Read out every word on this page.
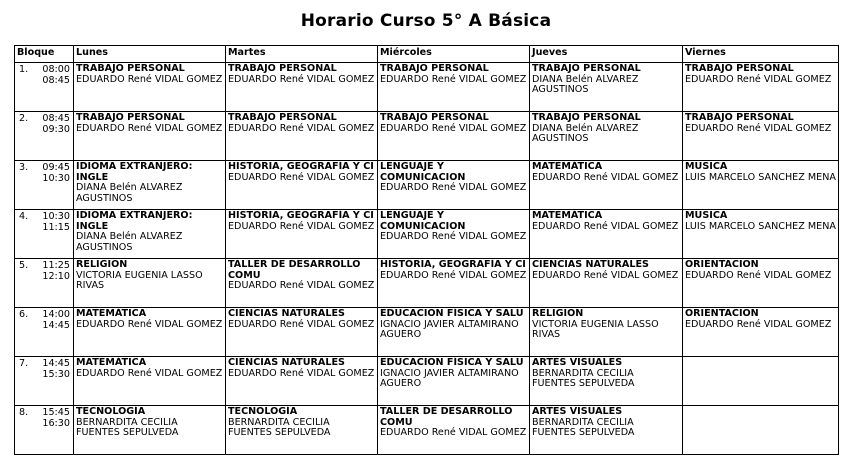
Horario Curso 5° A Básica
Bloque	Lunes	Martes	Miércoles	Jueves	Viernes

1. 08:00
08:45	TRABAJO PERSONAL
EDUARDO René VIDAL GOMEZ	TRABAJO PERSONAL
EDUARDO René VIDAL GOMEZ	TRABAJO PERSONAL
EDUARDO René VIDAL GOMEZ	TRABAJO PERSONAL
DIANA Belén ALVAREZ AGUSTINOS	TRABAJO PERSONAL
EDUARDO René VIDAL GOMEZ

2. 08:45
09:30	TRABAJO PERSONAL
EDUARDO René VIDAL GOMEZ	TRABAJO PERSONAL
EDUARDO René VIDAL GOMEZ	TRABAJO PERSONAL
EDUARDO René VIDAL GOMEZ	TRABAJO PERSONAL
DIANA Belén ALVAREZ AGUSTINOS	TRABAJO PERSONAL
EDUARDO René VIDAL GOMEZ

3. 09:45
10:30	IDIOMA EXTRANJERO: INGLE
DIANA Belén ALVAREZ AGUSTINOS	HISTORIA, GEOGRAFÍA Y CI
EDUARDO René VIDAL GOMEZ	LENGUAJE Y COMUNICACION
EDUARDO René VIDAL GOMEZ	MATEMÁTICA
EDUARDO René VIDAL GOMEZ	MÚSICA
LUIS MARCELO SANCHEZ MENA

4. 10:30
11:15	IDIOMA EXTRANJERO: INGLE
DIANA Belén ALVAREZ AGUSTINOS	HISTORIA, GEOGRAFÍA Y CI
EDUARDO René VIDAL GOMEZ	LENGUAJE Y COMUNICACION
EDUARDO René VIDAL GOMEZ	MATEMÁTICA
EDUARDO René VIDAL GOMEZ	MÚSICA
LUIS MARCELO SANCHEZ MENA

5. 11:25
12:10	RELIGIÓN
VICTORIA EUGENIA LASSO RIVAS	TALLER DE DESARROLLO COMU
EDUARDO René VIDAL GOMEZ	HISTORIA, GEOGRAFÍA Y CI
EDUARDO René VIDAL GOMEZ	CIENCIAS NATURALES
EDUARDO René VIDAL GOMEZ	ORIENTACIÓN
EDUARDO René VIDAL GOMEZ

6. 14:00
14:45	MATEMÁTICA
EDUARDO René VIDAL GOMEZ	CIENCIAS NATURALES
EDUARDO René VIDAL GOMEZ	EDUCACIÓN FÍSICA Y SALU
IGNACIO JAVIER ALTAMIRANO AGUERO	RELIGIÓN
VICTORIA EUGENIA LASSO RIVAS	ORIENTACIÓN
EDUARDO René VIDAL GOMEZ

7. 14:45
15:30	MATEMÁTICA
EDUARDO René VIDAL GOMEZ	CIENCIAS NATURALES
EDUARDO René VIDAL GOMEZ	EDUCACIÓN FÍSICA Y SALU
IGNACIO JAVIER ALTAMIRANO AGUERO	ARTES VISUALES
BERNARDITA CECILIA FUENTES SEPULVEDA	

8. 15:45
16:30	TECNOLOGÍA
BERNARDITA CECILIA FUENTES SEPULVEDA	TECNOLOGÍA
BERNARDITA CECILIA FUENTES SEPULVEDA	TALLER DE DESARROLLO COMU
EDUARDO René VIDAL GOMEZ	ARTES VISUALES
BERNARDITA CECILIA FUENTES SEPULVEDA	
